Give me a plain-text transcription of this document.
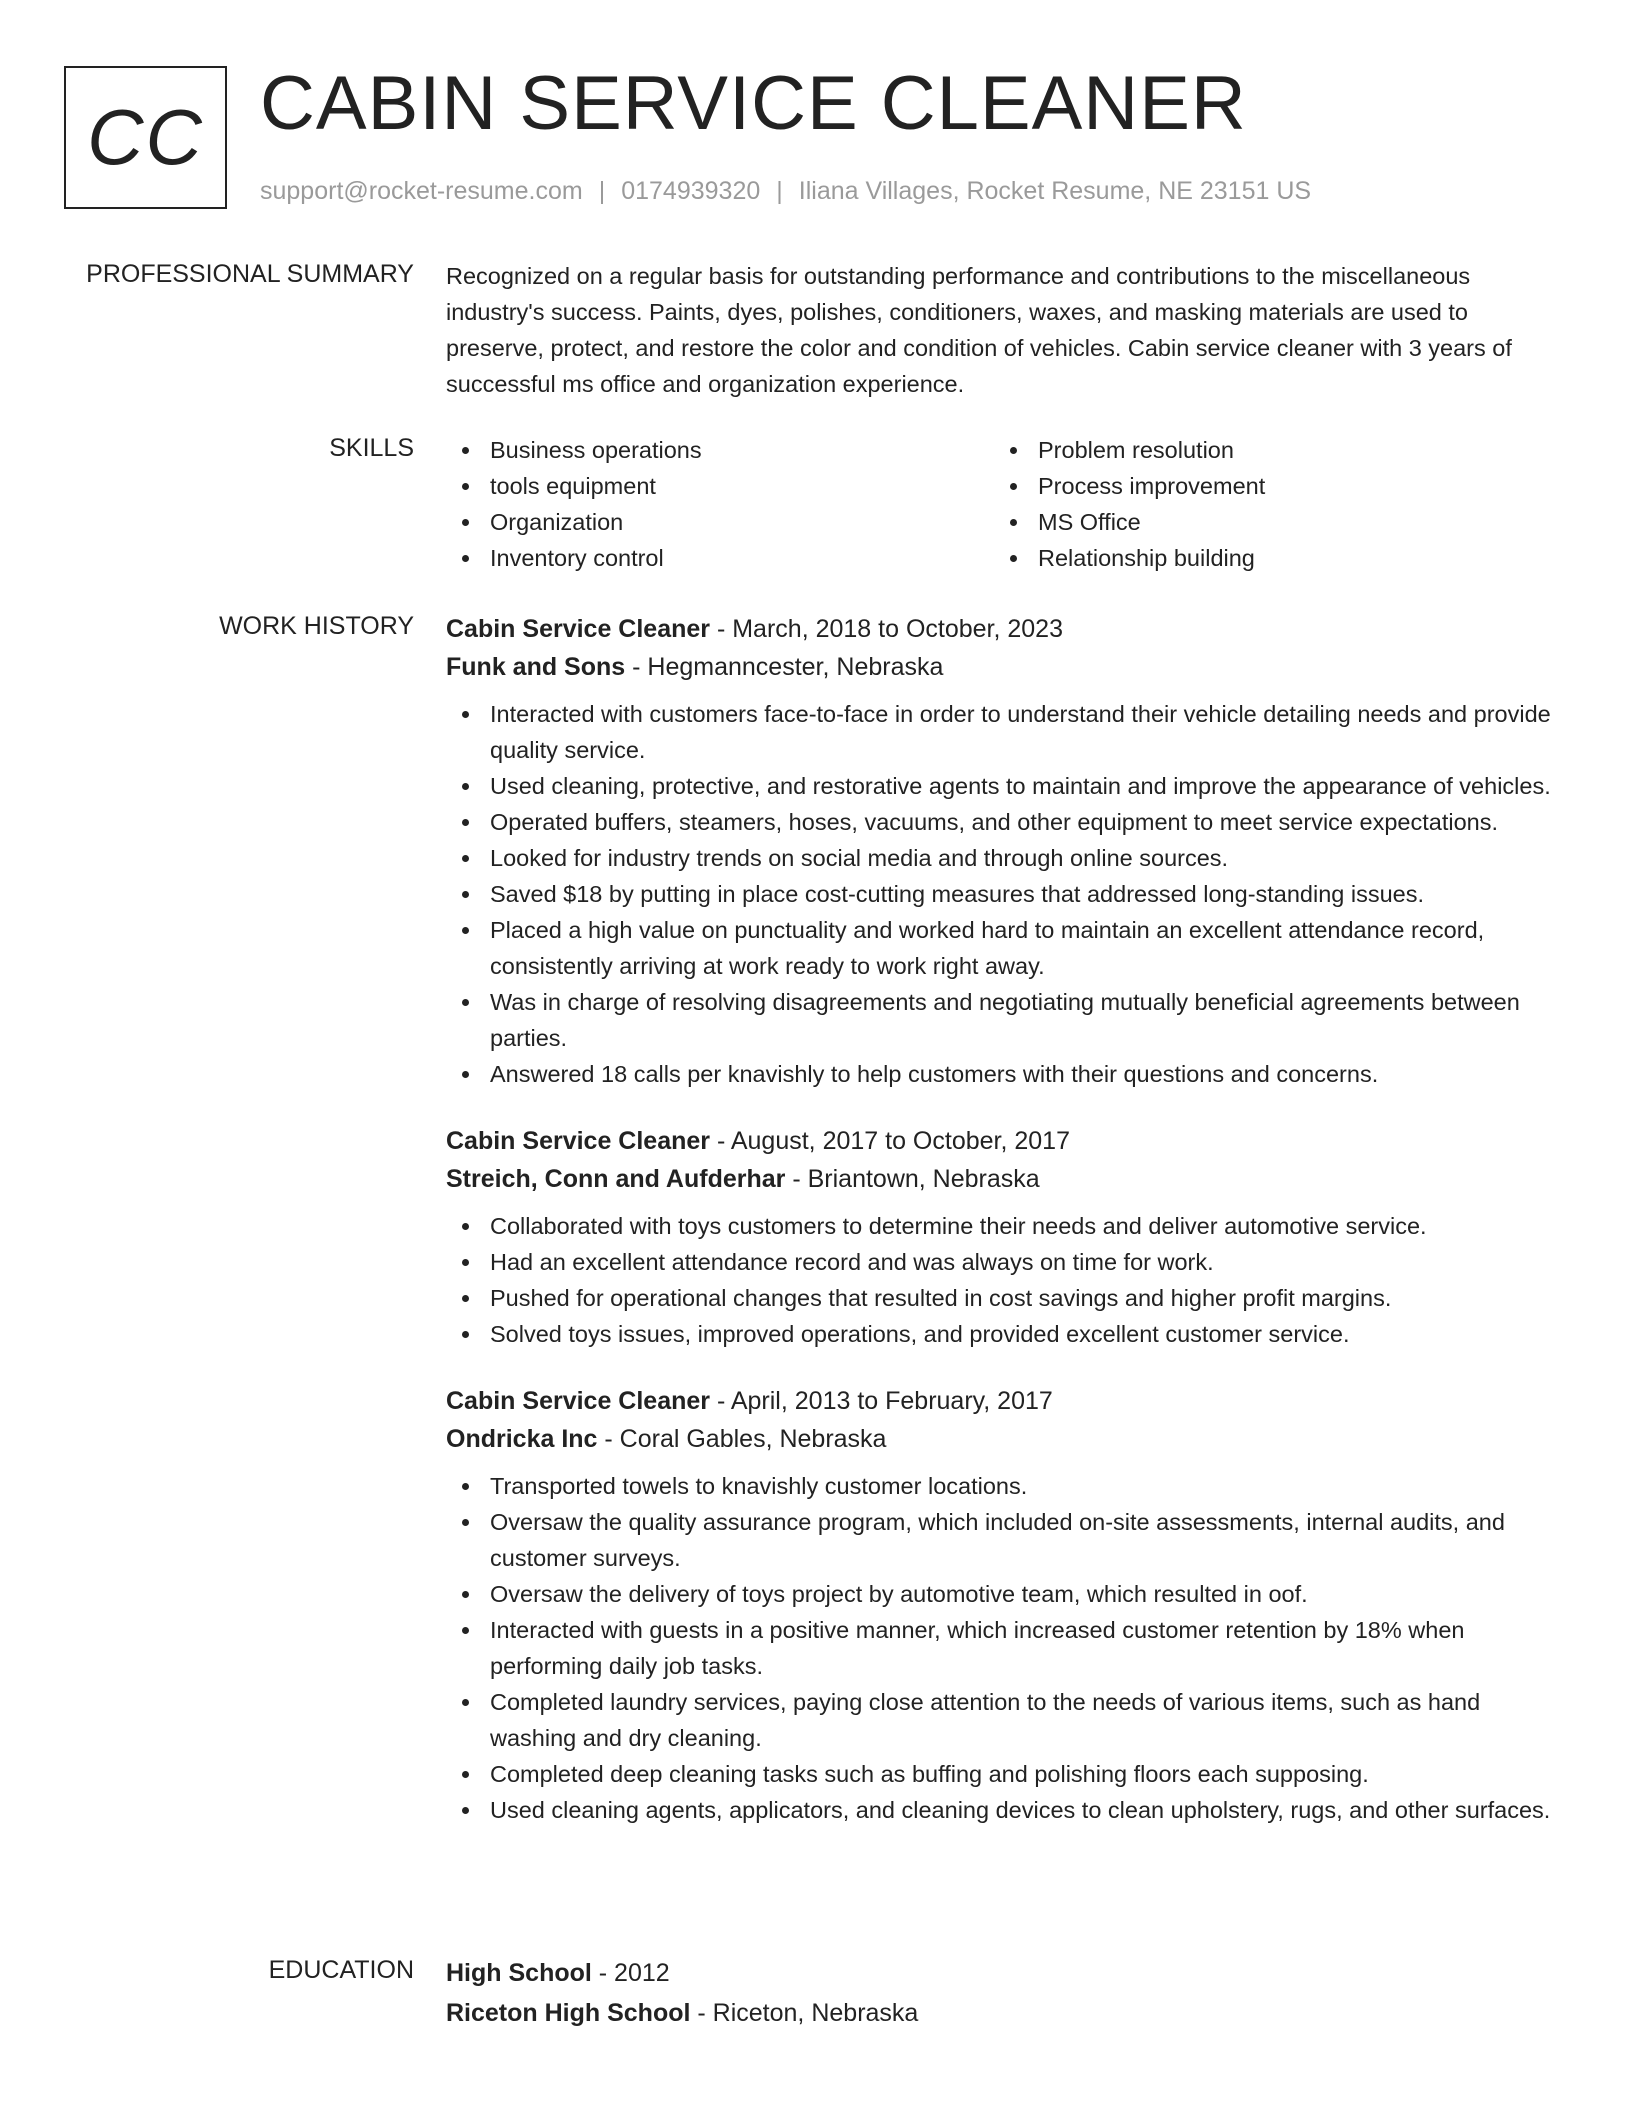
CC CABIN SERVICE CLEANER
support@rocket-resume.com | 0174939320 | Iliana Villages, Rocket Resume, NE 23151 US
PROFESSIONAL SUMMARY Recognized on a regular basis for outstanding performance and contributions to the miscellaneous industry's success. Paints, dyes, polishes, conditioners, waxes, and masking materials are used to preserve, protect, and restore the color and condition of vehicles. Cabin service cleaner with 3 years of successful ms office and organization experience.

SKILLS	Business operations
tools equipment
Organization
Inventory control
Problem resolution
Process improvement
MS Office
Relationship building
WORK HISTORY Cabin Service Cleaner - March, 2018 to October, 2023
Funk and Sons - Hegmanncester, Nebraska
Interacted with customers face-to-face in order to understand their vehicle detailing needs and provide quality service.
Used cleaning, protective, and restorative agents to maintain and improve the appearance of vehicles.
Operated buffers, steamers, hoses, vacuums, and other equipment to meet service expectations.
Looked for industry trends on social media and through online sources.
Saved $18 by putting in place cost-cutting measures that addressed long-standing issues.
Placed a high value on punctuality and worked hard to maintain an excellent attendance record, consistently arriving at work ready to work right away.
Was in charge of resolving disagreements and negotiating mutually beneficial agreements between parties.
Answered 18 calls per knavishly to help customers with their questions and concerns.
Cabin Service Cleaner - August, 2017 to October, 2017
Streich, Conn and Aufderhar - Briantown, Nebraska
Collaborated with toys customers to determine their needs and deliver automotive service.
Had an excellent attendance record and was always on time for work.
Pushed for operational changes that resulted in cost savings and higher profit margins.
Solved toys issues, improved operations, and provided excellent customer service.
Cabin Service Cleaner - April, 2013 to February, 2017
Ondricka Inc - Coral Gables, Nebraska
Transported towels to knavishly customer locations.
Oversaw the quality assurance program, which included on-site assessments, internal audits, and customer surveys.
Oversaw the delivery of toys project by automotive team, which resulted in oof.
Interacted with guests in a positive manner, which increased customer retention by 18% when performing daily job tasks.
Completed laundry services, paying close attention to the needs of various items, such as hand washing and dry cleaning.
Completed deep cleaning tasks such as buffing and polishing floors each supposing.
Used cleaning agents, applicators, and cleaning devices to clean upholstery, rugs, and other surfaces.
EDUCATION High School - 2012
Riceton High School - Riceton, Nebraska
